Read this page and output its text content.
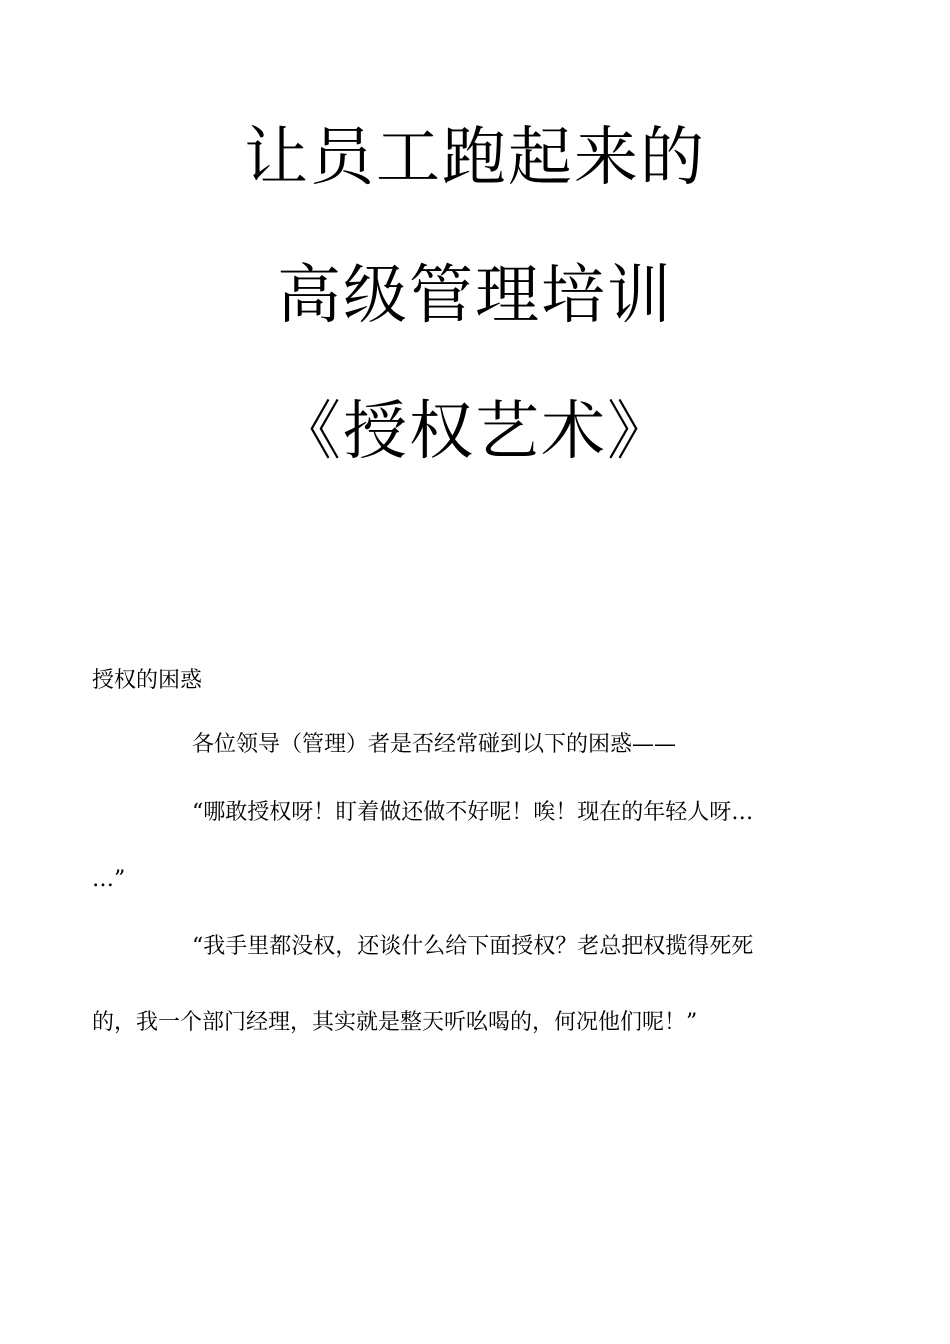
让员工跑起来的
高级管理培训
《授权艺术》
授权的困惑
各位领导（管理）者是否经常碰到以下的困惑——
“哪敢授权呀！盯着做还做不好呢！唉！现在的年轻人呀…
…”
“我手里都没权，还谈什么给下面授权？老总把权揽得死死
的，我一个部门经理，其实就是整天听吆喝的，何况他们呢！”
